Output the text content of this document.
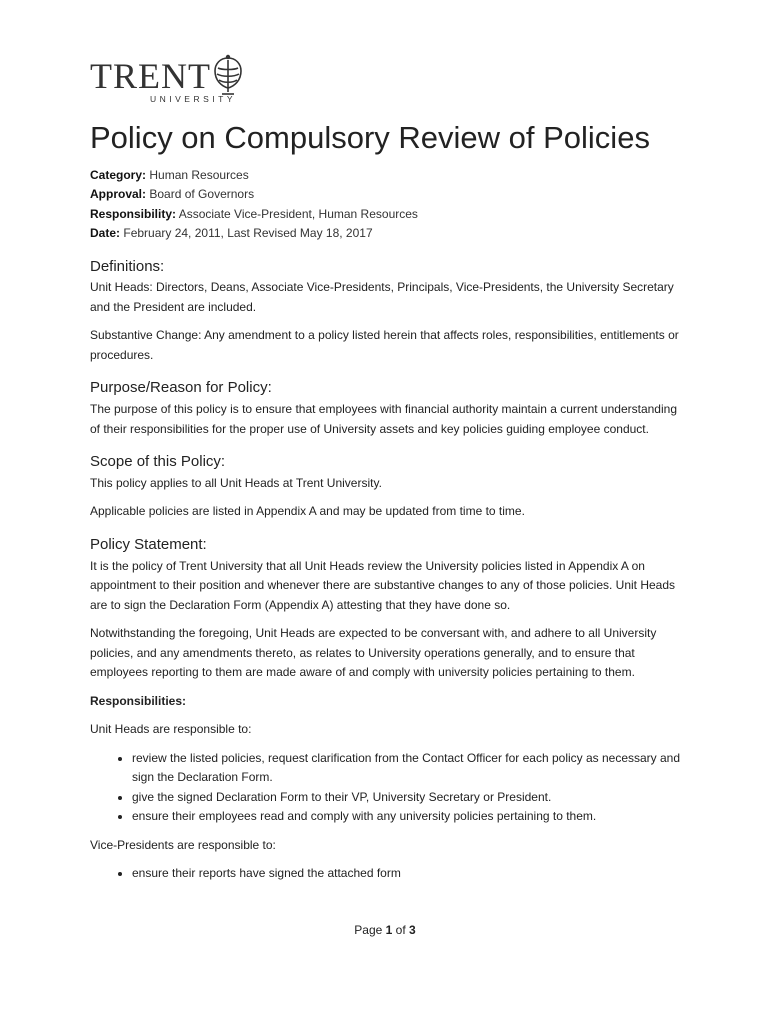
TRENT
UNIVERSITY
Policy on Compulsory Review of Policies
Category: Human Resources
Approval: Board of Governors
Responsibility: Associate Vice-President, Human Resources
Date: February 24, 2011, Last Revised May 18, 2017
Definitions:

Unit Heads: Directors, Deans, Associate Vice-Presidents, Principals, Vice-Presidents, the University Secretary and the President are included.

Substantive Change: Any amendment to a policy listed herein that affects roles, responsibilities, entitlements or procedures.

Purpose/Reason for Policy:

The purpose of this policy is to ensure that employees with financial authority maintain a current understanding of their responsibilities for the proper use of University assets and key policies guiding employee conduct.

Scope of this Policy:

This policy applies to all Unit Heads at Trent University.

Applicable policies are listed in Appendix A and may be updated from time to time.

Policy Statement:

It is the policy of Trent University that all Unit Heads review the University policies listed in Appendix A on appointment to their position and whenever there are substantive changes to any of those policies. Unit Heads are to sign the Declaration Form (Appendix A) attesting that they have done so.

Notwithstanding the foregoing, Unit Heads are expected to be conversant with, and adhere to all University policies, and any amendments thereto, as relates to University operations generally, and to ensure that employees reporting to them are made aware of and comply with university policies pertaining to them.

Responsibilities:

Unit Heads are responsible to:

• review the listed policies, request clarification from the Contact Officer for each policy as necessary and sign the Declaration Form.
• give the signed Declaration Form to their VP, University Secretary or President.
• ensure their employees read and comply with any university policies pertaining to them.

Vice-Presidents are responsible to:

• ensure their reports have signed the attached form
Page 1 of 3
